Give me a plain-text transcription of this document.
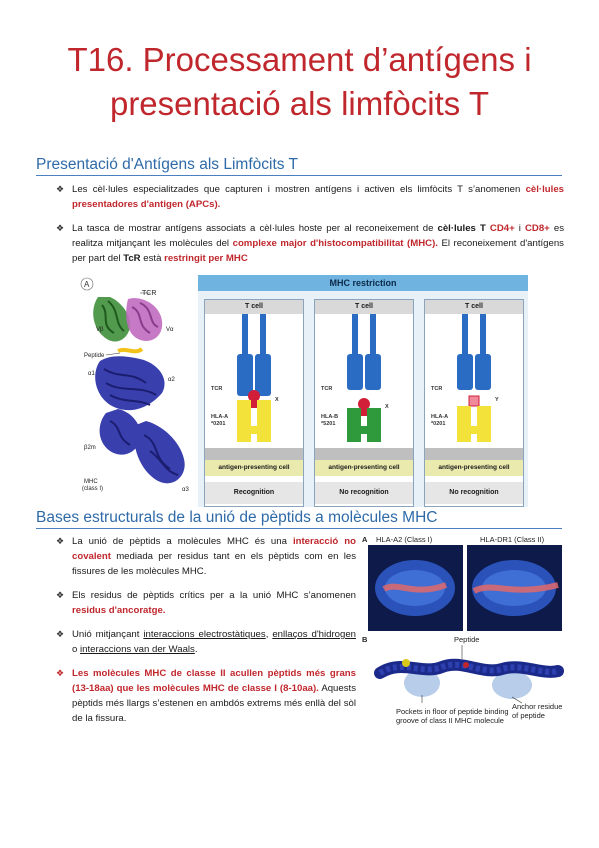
T16. Processament d’antígens i
presentació als limfòcits T
Presentació d'Antígens als Limfòcits T
❖ Les cèl·lules especialitzades que capturen i mostren antígens i activen els limfòcits T s’anomenen cèl·lules presentadores d'antigen (APCs).
❖ La tasca de mostrar antígens associats a cèl·lules hoste per al reconeixement de cèl·lules T CD4+ i CD8+ es realitza mitjançant les molècules del complexe major d'histocompatibilitat (MHC). El reconeixement d'antígens per part del TcR està restringit per MHC
A
TCR
Vβ	Vα
Peptide
α1
α2
β2m
MHC
(class I)	α3
MHC restriction
T cell
TCR
X
HLA-A
*0201
antigen-presenting cell
Recognition
T cell
TCR
X
HLA-B
*5201
antigen-presenting cell
No recognition
T cell
TCR
Y
HLA-A
*0201
antigen-presenting cell
No recognition
Bases estructurals de la unió de pèptids a molècules MHC
❖ La unió de pèptids a molècules MHC és una interacció no covalent mediada per residus tant en els pèptids com en les fissures de les molècules MHC.
❖ Els residus de pèptids crítics per a la unió MHC s’anomenen residus d'ancoratge.
❖ Unió mitjançant interaccions electrostàtiques, enllaços d'hidrogen o interaccions van der Waals.
❖ Les molècules MHC de classe II acullen pèptids més grans (13-18aa) que les molècules MHC de classe I (8-10aa). Aquests pèptids més llargs s’estenen en ambdós extrems més enllà del sòl de la fissura.
A HLA-A2 (Class I)	HLA-DR1 (Class II)
B	Peptide
Anchor residue of peptide
Pockets in floor of peptide binding groove of class II MHC molecule
